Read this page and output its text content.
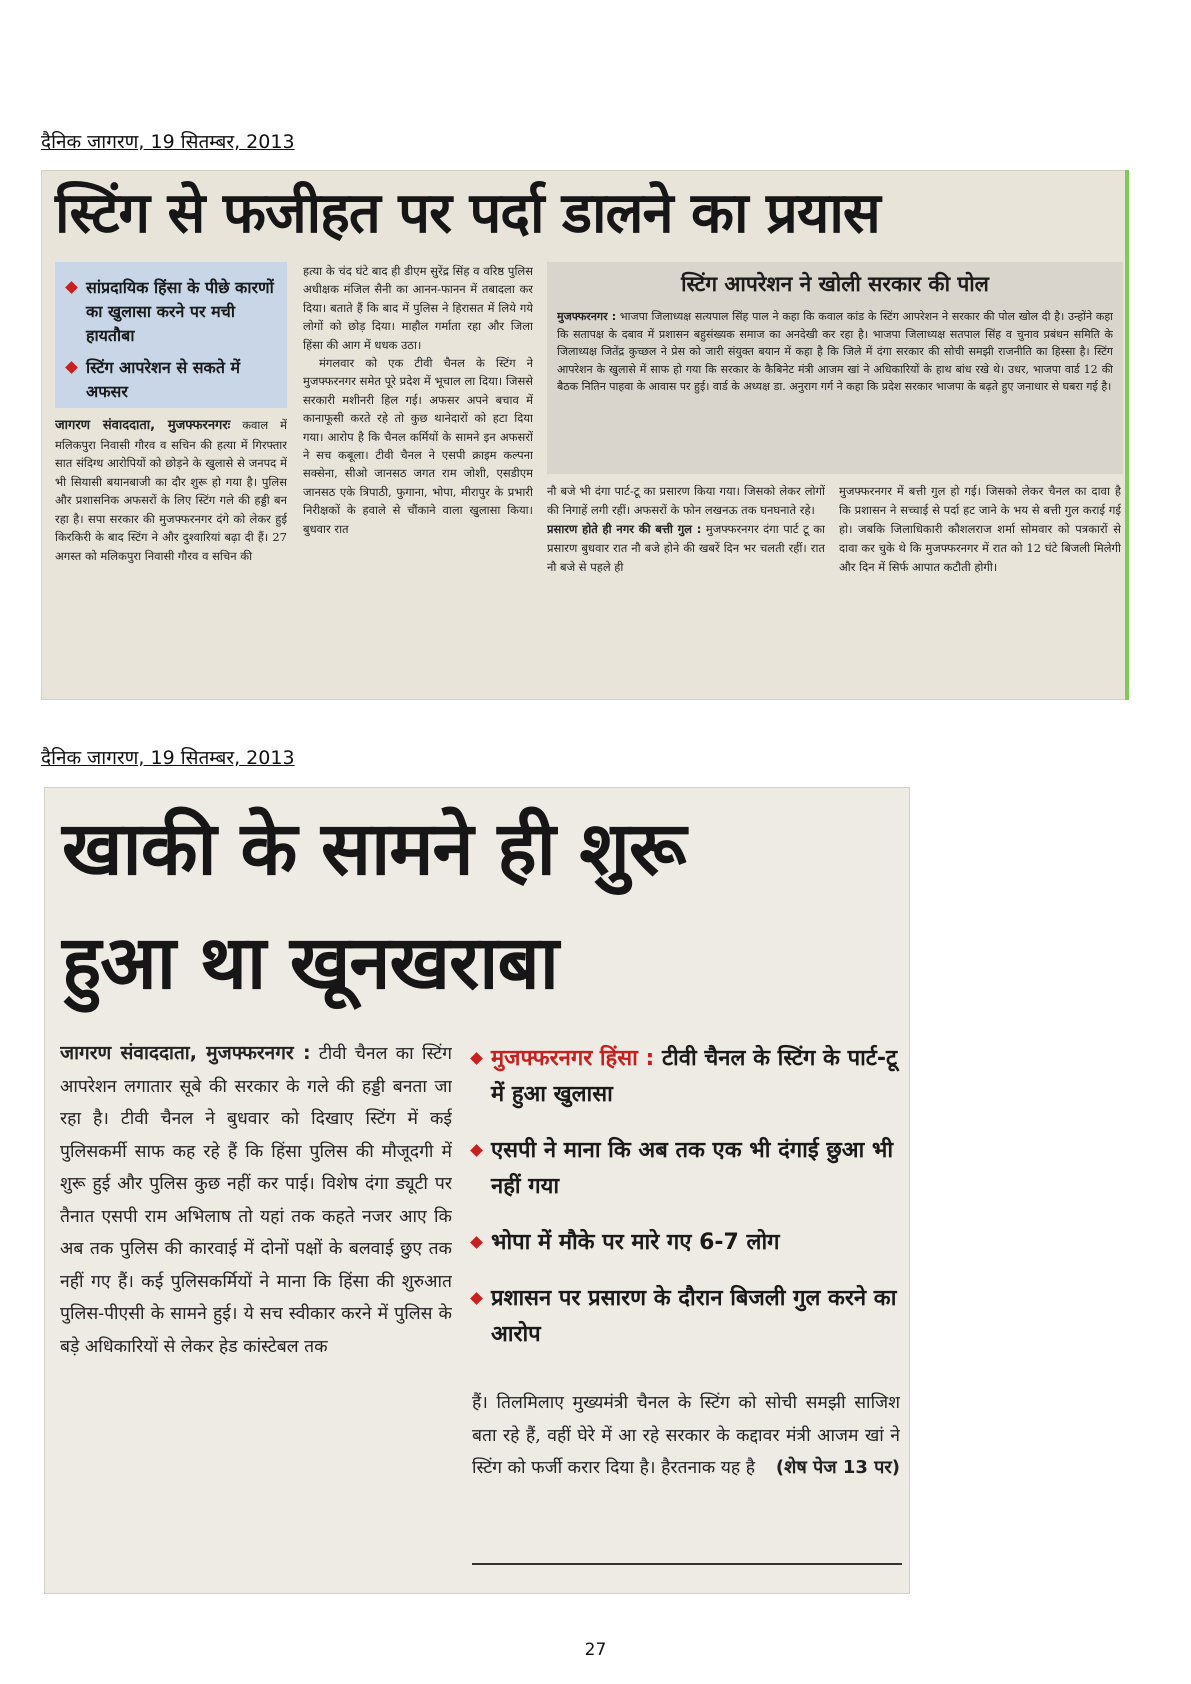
दैनिक जागरण, 19 सितम्बर, 2013
स्टिंग से फजीहत पर पर्दा डालने का प्रयास
सांप्रदायिक हिंसा के पीछे कारणों का खुलासा करने पर मची हायतौबा
स्टिंग आपरेशन से सकते में अफसर
जागरण संवाददाता, मुजफ्फरनगरः कवाल में मलिकपुरा निवासी गौरव व सचिन की हत्या में गिरफ्तार सात संदिग्ध आरोपियों को छोड़ने के खुलासे से जनपद में भी सियासी बयानबाजी का दौर शुरू हो गया है। पुलिस और प्रशासनिक अफसरों के लिए स्टिंग गले की हड्डी बन रहा है। सपा सरकार की मुजफ्फरनगर दंगे को लेकर हुई किरकिरी के बाद स्टिंग ने और दुश्वारियां बढ़ा दी हैं। 27 अगस्त को मलिकपुरा निवासी गौरव व सचिन की
हत्या के चंद घंटे बाद ही डीएम सुरेंद्र सिंह व वरिष्ठ पुलिस अधीक्षक मंजिल सैनी का आनन-फानन में तबादला कर दिया। बताते हैं कि बाद में पुलिस ने हिरासत में लिये गये लोगों को छोड़ दिया। माहौल गर्माता रहा और जिला हिंसा की आग में धधक उठा।
मंगलवार को एक टीवी चैनल के स्टिंग ने मुजफ्फरनगर समेत पूरे प्रदेश में भूचाल ला दिया। जिससे सरकारी मशीनरी हिल गई। अफसर अपने बचाव में कानाफूसी करते रहे तो कुछ थानेदारों को हटा दिया गया। आरोप है कि चैनल कर्मियों के सामने इन अफसरों ने सच कबूला। टीवी चैनल ने एसपी क्राइम कल्पना सक्सेना, सीओ जानसठ जगत राम जोशी, एसडीएम जानसठ एके त्रिपाठी, फुगाना, भोपा, मीरापुर के प्रभारी निरीक्षकों के हवाले से चौंकाने वाला खुलासा किया। बुधवार रात
स्टिंग आपरेशन ने खोली सरकार की पोल
मुजफ्फरनगर : भाजपा जिलाध्यक्ष सत्यपाल सिंह पाल ने कहा कि कवाल कांड के स्टिंग आपरेशन ने सरकार की पोल खोल दी है। उन्होंने कहा कि सतापक्ष के दबाव में प्रशासन बहुसंख्यक समाज का अनदेखी कर रहा है। भाजपा जिलाध्यक्ष सतपाल सिंह व चुनाव प्रबंधन समिति के जिलाध्यक्ष जितेंद्र कुच्छल ने प्रेस को जारी संयुक्त बयान में कहा है कि जिले में दंगा सरकार की सोची समझी राजनीति का हिस्सा है। स्टिंग आपरेशन के खुलासे में साफ हो गया कि सरकार के कैबिनेट मंत्री आजम खां ने अधिकारियों के हाथ बांध रखे थे। उधर, भाजपा वार्ड 12 की बैठक नितिन पाहवा के आवास पर हुई। वार्ड के अध्यक्ष डा. अनुराग गर्ग ने कहा कि प्रदेश सरकार भाजपा के बढ़ते हुए जनाधार से घबरा गई है।
नौ बजे भी दंगा पार्ट-टू का प्रसारण किया गया। जिसको लेकर लोगों की निगाहें लगी रहीं। अफसरों के फोन लखनऊ तक घनघनाते रहे।
प्रसारण होते ही नगर की बत्ती गुल : मुजफ्फरनगर दंगा पार्ट टू का प्रसारण बुधवार रात नौ बजे होने की खबरें दिन भर चलती रहीं। रात नौ बजे से पहले ही
मुजफ्फरनगर में बत्ती गुल हो गई। जिसको लेकर चैनल का दावा है कि प्रशासन ने सच्चाई से पर्दा हट जाने के भय से बत्ती गुल कराई गई हो। जबकि जिलाधिकारी कौशलराज शर्मा सोमवार को पत्रकारों से दावा कर चुके थे कि मुजफ्फरनगर में रात को 12 घंटे बिजली मिलेगी और दिन में सिर्फ आपात कटौती होगी।
दैनिक जागरण, 19 सितम्बर, 2013
खाकी के सामने ही शुरू
हुआ था खूनखराबा
जागरण संवाददाता, मुजफ्फरनगर : टीवी चैनल का स्टिंग आपरेशन लगातार सूबे की सरकार के गले की हड्डी बनता जा रहा है। टीवी चैनल ने बुधवार को दिखाए स्टिंग में कई पुलिसकर्मी साफ कह रहे हैं कि हिंसा पुलिस की मौजूदगी में शुरू हुई और पुलिस कुछ नहीं कर पाई। विशेष दंगा ड्यूटी पर तैनात एसपी राम अभिलाष तो यहां तक कहते नजर आए कि अब तक पुलिस की कारवाई में दोनों पक्षों के बलवाई छुए तक नहीं गए हैं। कई पुलिसकर्मियों ने माना कि हिंसा की शुरुआत पुलिस-पीएसी के सामने हुई। ये सच स्वीकार करने में पुलिस के बड़े अधिकारियों से लेकर हेड कांस्टेबल तक
मुजफ्फरनगर हिंसा : टीवी चैनल के स्टिंग के पार्ट-टू में हुआ खुलासा
एसपी ने माना कि अब तक एक भी दंगाई छुआ भी नहीं गया
भोपा में मौके पर मारे गए 6-7 लोग
प्रशासन पर प्रसारण के दौरान बिजली गुल करने का आरोप
हैं। तिलमिलाए मुख्यमंत्री चैनल के स्टिंग को सोची समझी साजिश बता रहे हैं, वहीं घेरे में आ रहे सरकार के कद्दावर मंत्री आजम खां ने स्टिंग को फर्जी करार दिया है। हैरतनाक यह है (शेष पेज 13 पर)
27
